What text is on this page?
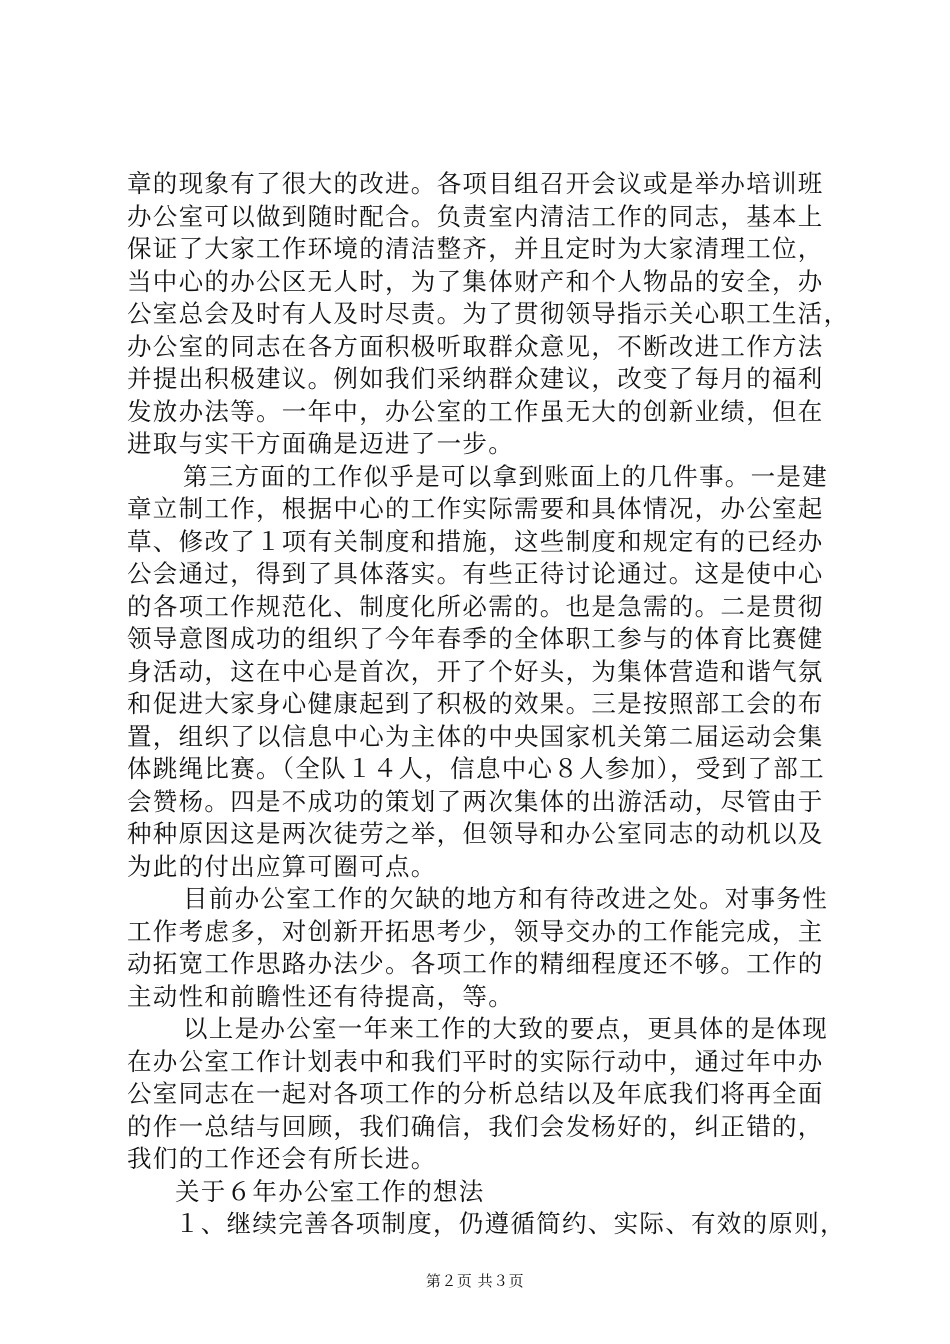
章的现象有了很大的改进。各项目组召开会议或是举办培训班
办公室可以做到随时配合。负责室内清洁工作的同志，基本上
保证了大家工作环境的清洁整齐，并且定时为大家清理工位，
当中心的办公区无人时，为了集体财产和个人物品的安全，办
公室总会及时有人及时尽责。为了贯彻领导指示关心职工生活，
办公室的同志在各方面积极听取群众意见，不断改进工作方法
并提出积极建议。例如我们采纳群众建议，改变了每月的福利
发放办法等。一年中，办公室的工作虽无大的创新业绩，但在
进取与实干方面确是迈进了一步。
第三方面的工作似乎是可以拿到账面上的几件事。一是建
章立制工作，根据中心的工作实际需要和具体情况，办公室起
草、修改了１项有关制度和措施，这些制度和规定有的已经办
公会通过，得到了具体落实。有些正待讨论通过。这是使中心
的各项工作规范化、制度化所必需的。也是急需的。二是贯彻
领导意图成功的组织了今年春季的全体职工参与的体育比赛健
身活动，这在中心是首次，开了个好头，为集体营造和谐气氛
和促进大家身心健康起到了积极的效果。三是按照部工会的布
置，组织了以信息中心为主体的中央国家机关第二届运动会集
体跳绳比赛。（全队１４人，信息中心８人参加），受到了部工
会赞杨。四是不成功的策划了两次集体的出游活动，尽管由于
种种原因这是两次徒劳之举，但领导和办公室同志的动机以及
为此的付出应算可圈可点。
目前办公室工作的欠缺的地方和有待改进之处。对事务性
工作考虑多，对创新开拓思考少，领导交办的工作能完成，主
动拓宽工作思路办法少。各项工作的精细程度还不够。工作的
主动性和前瞻性还有待提高，等。
以上是办公室一年来工作的大致的要点，更具体的是体现
在办公室工作计划表中和我们平时的实际行动中，通过年中办
公室同志在一起对各项工作的分析总结以及年底我们将再全面
的作一总结与回顾，我们确信，我们会发杨好的，纠正错的，
我们的工作还会有所长进。
关于６年办公室工作的想法
１、继续完善各项制度，仍遵循简约、实际、有效的原则，
第２页 共３页
